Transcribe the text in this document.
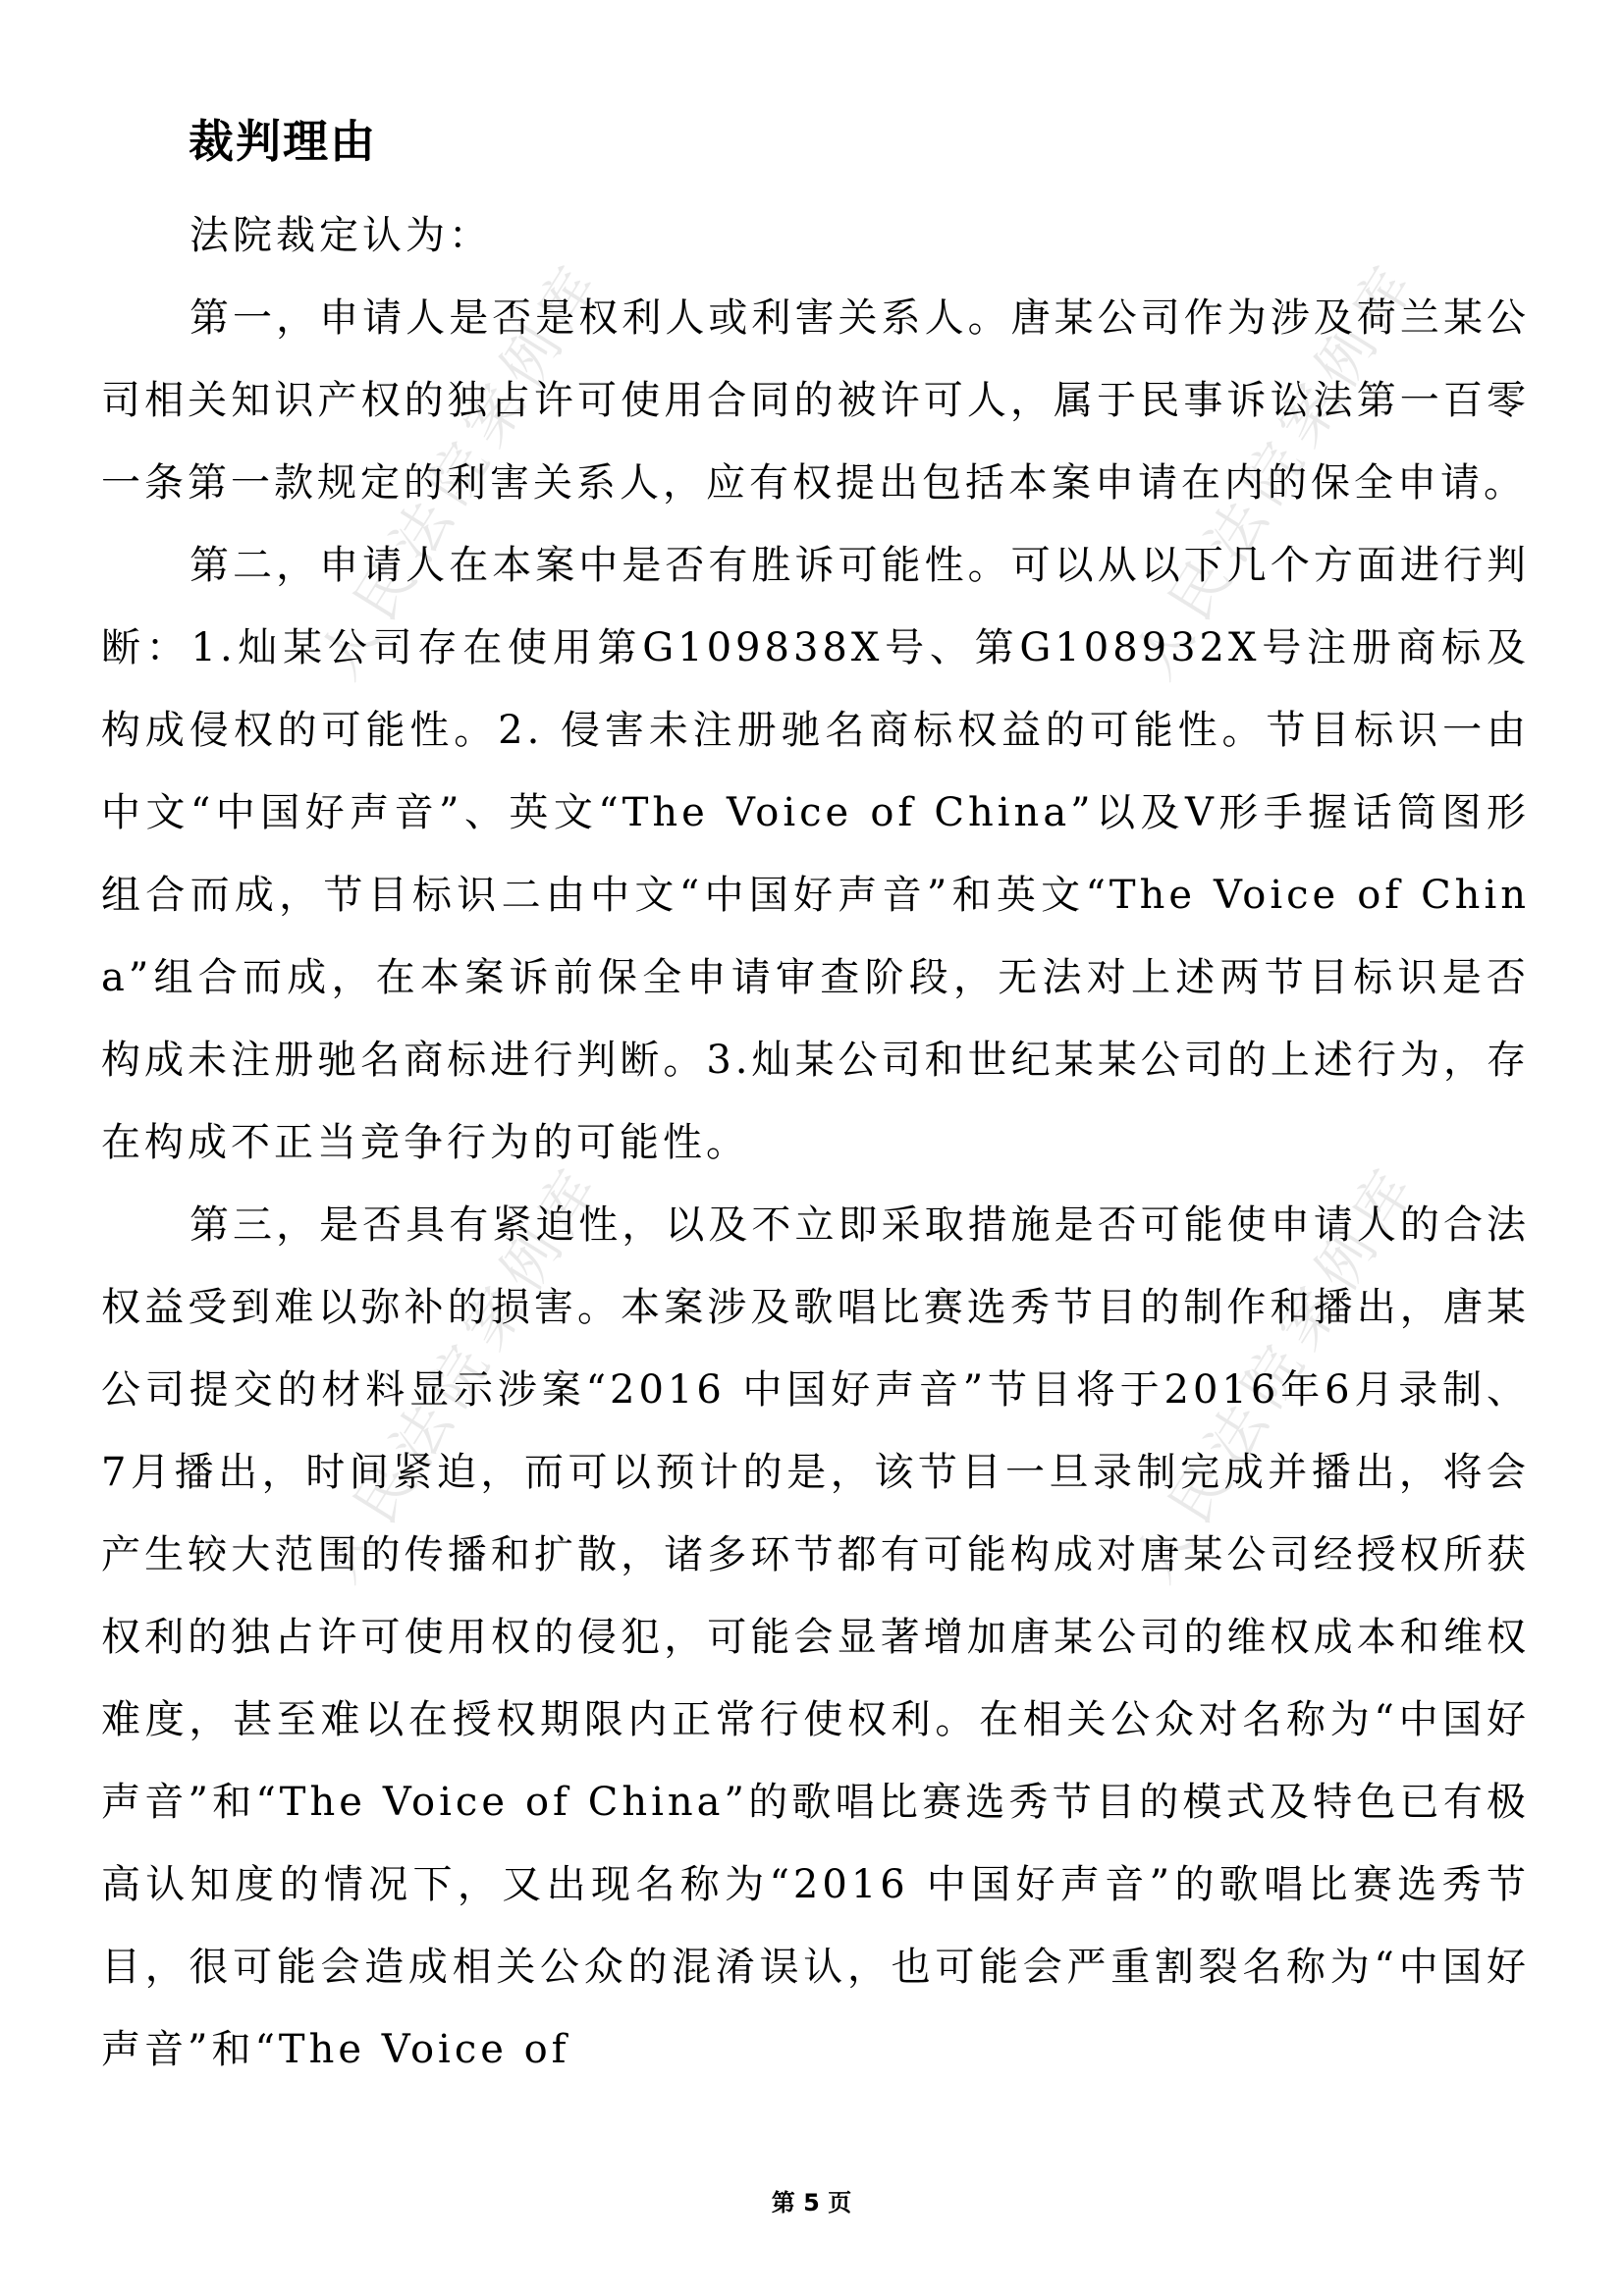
人民法院案例库	人民法院案例库
人民法院案例库	人民法院案例库
裁判理由

法院裁定认为：

第一，申请人是否是权利人或利害关系人。唐某公司作为涉及荷兰某公司相关知识产权的独占许可使用合同的被许可人，属于民事诉讼法第一百零一条第一款规定的利害关系人，应有权提出包括本案申请在内的保全申请。

第二，申请人在本案中是否有胜诉可能性。可以从以下几个方面进行判断：1.灿某公司存在使用第G109838X号、第G108932X号注册商标及构成侵权的可能性。2. 侵害未注册驰名商标权益的可能性。节目标识一由中文“中国好声音”、英文“The Voice of China”以及V形手握话筒图形组合而成，节目标识二由中文“中国好声音”和英文“The Voice of China”组合而成，在本案诉前保全申请审查阶段，无法对上述两节目标识是否构成未注册驰名商标进行判断。3.灿某公司和世纪某某公司的上述行为，存在构成不正当竞争行为的可能性。

第三，是否具有紧迫性，以及不立即采取措施是否可能使申请人的合法权益受到难以弥补的损害。本案涉及歌唱比赛选秀节目的制作和播出，唐某公司提交的材料显示涉案“2016 中国好声音”节目将于2016年6月录制、7月播出，时间紧迫，而可以预计的是，该节目一旦录制完成并播出，将会产生较大范围的传播和扩散，诸多环节都有可能构成对唐某公司经授权所获权利的独占许可使用权的侵犯，可能会显著增加唐某公司的维权成本和维权难度，甚至难以在授权期限内正常行使权利。在相关公众对名称为“中国好声音”和“The Voice of China”的歌唱比赛选秀节目的模式及特色已有极高认知度的情况下，又出现名称为“2016 中国好声音”的歌唱比赛选秀节目，很可能会造成相关公众的混淆误认，也可能会严重割裂名称为“中国好声音”和“The Voice of

第 5 页
